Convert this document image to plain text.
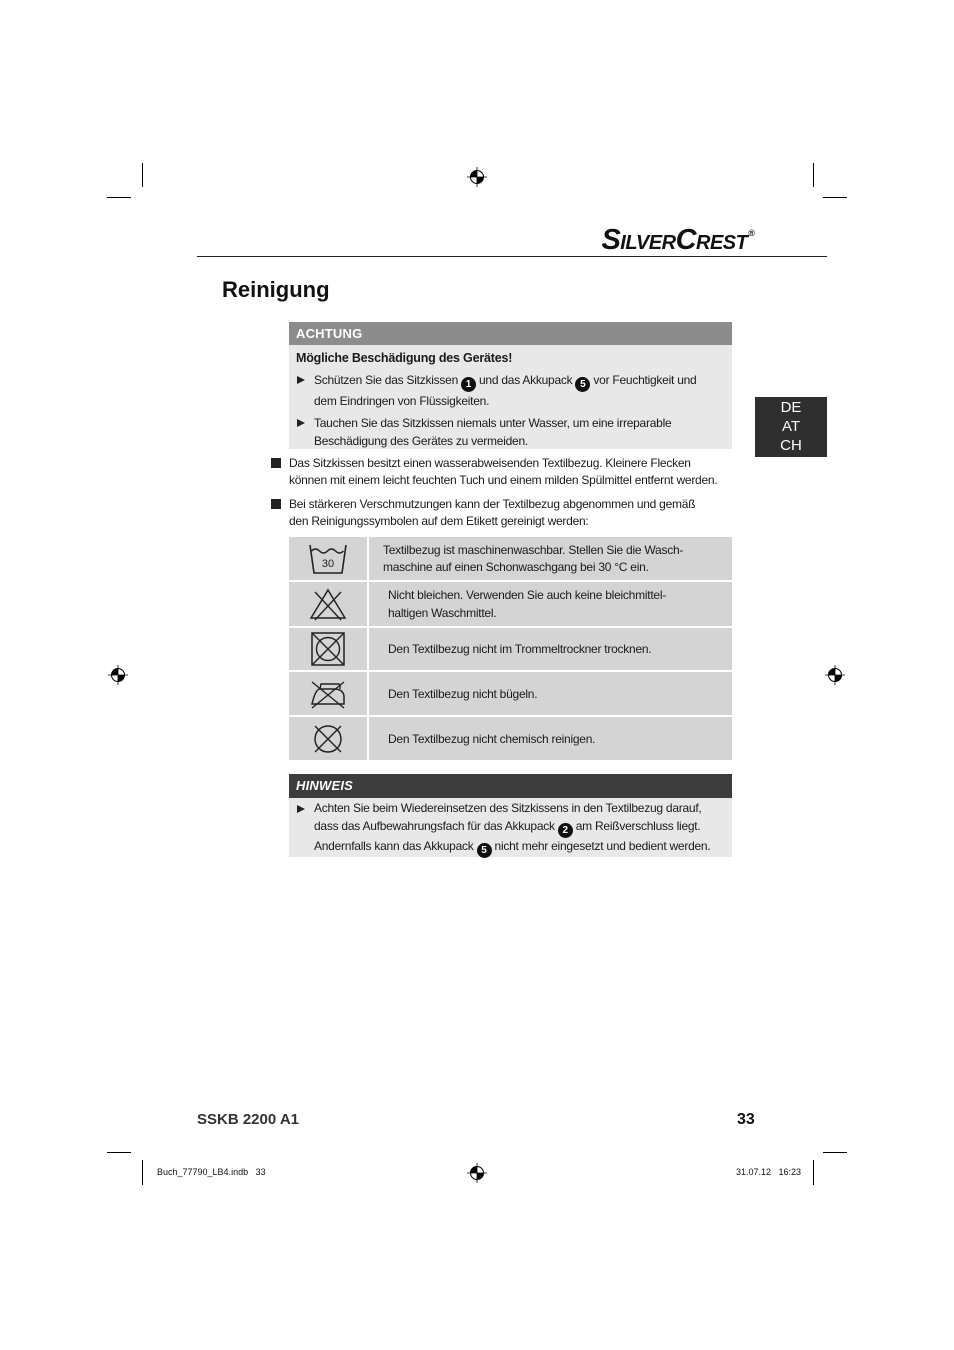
SilverCrest®
Reinigung
DE
AT
CH
ACHTUNG
Mögliche Beschädigung des Gerätes!
Schützen Sie das Sitzkissen 1 und das Akkupack 5 vor Feuchtigkeit und
dem Eindringen von Flüssigkeiten.
Tauchen Sie das Sitzkissen niemals unter Wasser, um eine irreparable
Beschädigung des Gerätes zu vermeiden.
Das Sitzkissen besitzt einen wasserabweisenden Textilbezug. Kleinere Flecken
können mit einem leicht feuchten Tuch und einem milden Spülmittel entfernt werden.
Bei stärkeren Verschmutzungen kann der Textilbezug abgenommen und gemäß
den Reinigungssymbolen auf dem Etikett gereinigt werden:
30
Textilbezug ist maschinenwaschbar. Stellen Sie die Wasch-
maschine auf einen Schonwaschgang bei 30 °C ein.
Nicht bleichen. Verwenden Sie auch keine bleichmittel-
haltigen Waschmittel.
Den Textilbezug nicht im Trommeltrockner trocknen.
Den Textilbezug nicht bügeln.
Den Textilbezug nicht chemisch reinigen.
HINWEIS
Achten Sie beim Wiedereinsetzen des Sitzkissens in den Textilbezug darauf,
dass das Aufbewahrungsfach für das Akkupack 2 am Reißverschluss liegt.
Andernfalls kann das Akkupack 5 nicht mehr eingesetzt und bedient werden.
SSKB 2200 A1	33
Buch_77790_LB4.indb   33	31.07.12   16:23
